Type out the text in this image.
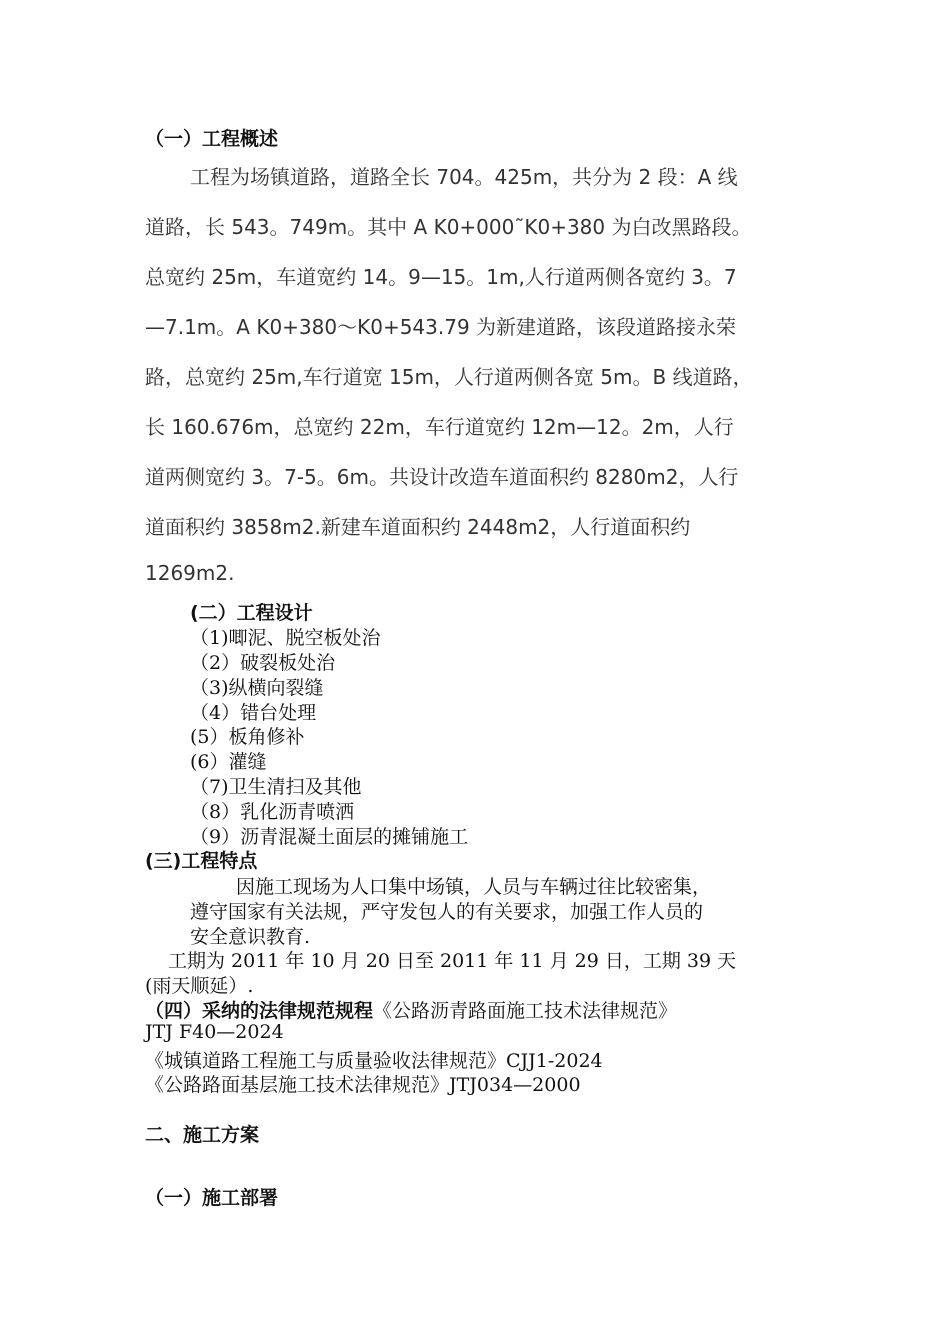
（一）工程概述
工程为场镇道路，道路全长 704。425m，共分为 2 段：A 线
道路，长 543。749m。其中 A K0+000˜K0+380 为白改黑路段。
总宽约 25m，车道宽约 14。9—15。1m,人行道两侧各宽约 3。7
—7.1m。A K0+380～K0+543.79 为新建道路，该段道路接永荣
路，总宽约 25m,车行道宽 15m，人行道两侧各宽 5m。B 线道路，
长 160.676m，总宽约 22m，车行道宽约 12m—12。2m，人行
道两侧宽约 3。7-5。6m。共设计改造车道面积约 8280m2，人行
道面积约 3858m2.新建车道面积约 2448m2，人行道面积约
1269m2.
(二）工程设计
（1)唧泥、脱空板处治
（2）破裂板处治
（3)纵横向裂缝
（4）错台处理
(5）板角修补
(6）灌缝
（7)卫生清扫及其他
（8）乳化沥青喷洒
（9）沥青混凝土面层的摊铺施工
(三)工程特点
因施工现场为人口集中场镇，人员与车辆过往比较密集，
遵守国家有关法规，严守发包人的有关要求，加强工作人员的
安全意识教育.
工期为 2011 年 10 月 20 日至 2011 年 11 月 29 日，工期 39 天
(雨天顺延）.
（四）采纳的法律规范规程《公路沥青路面施工技术法律规范》
JTJ F40—2024
《城镇道路工程施工与质量验收法律规范》CJJ1-2024
《公路路面基层施工技术法律规范》JTJ034—2000
二、施工方案
（一）施工部署
